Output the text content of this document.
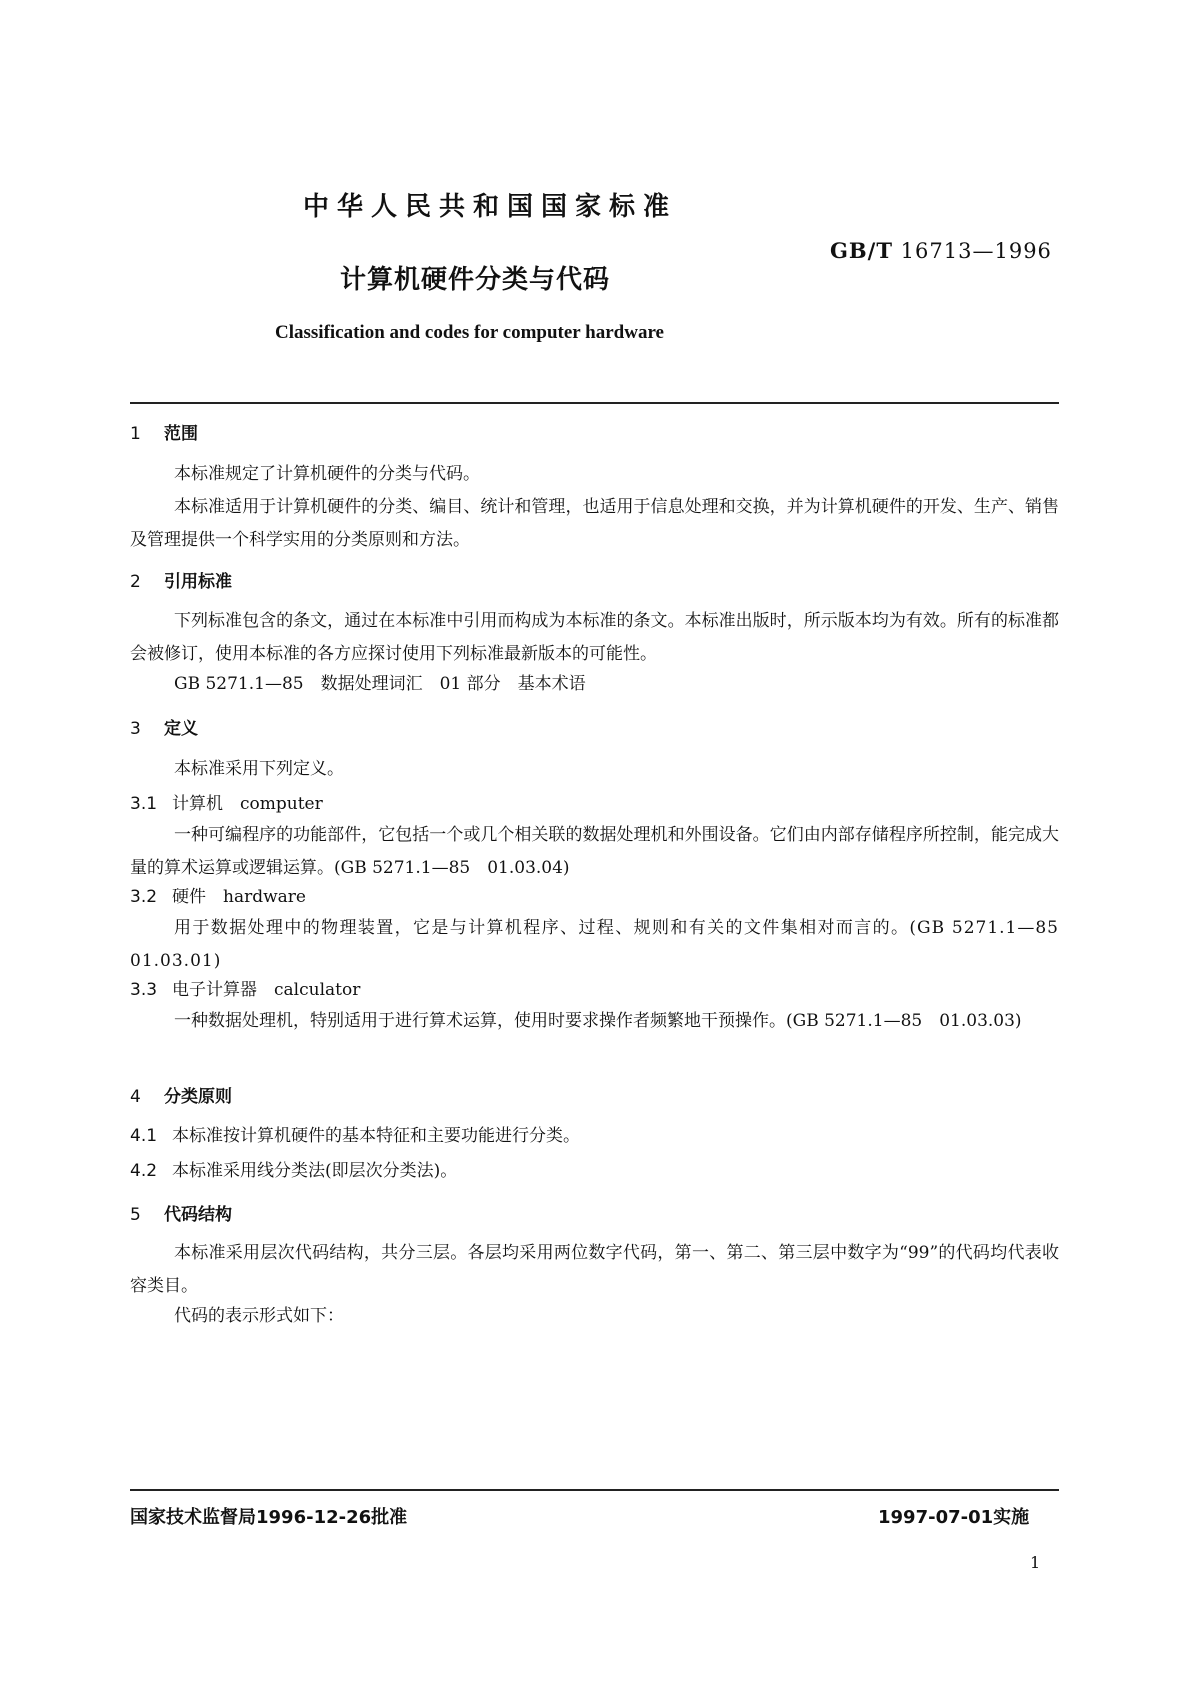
中华人民共和国国家标准
GB/T 16713—1996
计算机硬件分类与代码
Classification and codes for computer hardware
1 范围
本标准规定了计算机硬件的分类与代码。
本标准适用于计算机硬件的分类、编目、统计和管理，也适用于信息处理和交换，并为计算机硬件的开发、生产、销售及管理提供一个科学实用的分类原则和方法。
2 引用标准
下列标准包含的条文，通过在本标准中引用而构成为本标准的条文。本标准出版时，所示版本均为有效。所有的标准都会被修订，使用本标准的各方应探讨使用下列标准最新版本的可能性。
GB 5271.1—85　数据处理词汇　01 部分　基本术语
3 定义
本标准采用下列定义。
3.1 计算机　computer
一种可编程序的功能部件，它包括一个或几个相关联的数据处理机和外围设备。它们由内部存储程序所控制，能完成大量的算术运算或逻辑运算。(GB 5271.1—85　01.03.04)
3.2 硬件　hardware
用于数据处理中的物理装置，它是与计算机程序、过程、规则和有关的文件集相对而言的。(GB 5271.1—85　01.03.01)
3.3 电子计算器　calculator
一种数据处理机，特别适用于进行算术运算，使用时要求操作者频繁地干预操作。(GB 5271.1—85　01.03.03)
4 分类原则
4.1 本标准按计算机硬件的基本特征和主要功能进行分类。
4.2 本标准采用线分类法(即层次分类法)。
5 代码结构
本标准采用层次代码结构，共分三层。各层均采用两位数字代码，第一、第二、第三层中数字为“99”的代码均代表收容类目。
代码的表示形式如下：
国家技术监督局1996-12-26批准	1997-07-01实施
1
